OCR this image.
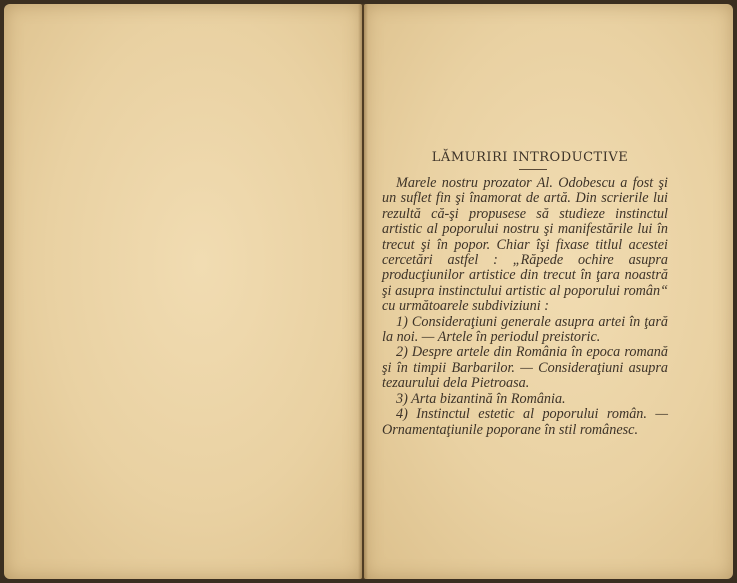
LĂMURIRI INTRODUCTIVE

Marele nostru prozator Al. Odobescu a fost şi un suflet fin şi înamorat de artă. Din scrierile lui rezultă că-şi propusese să studieze instinctul artistic al poporului nostru şi manifestările lui în trecut şi în popor. Chiar îşi fixase titlul acestei cercetări astfel : „Răpede ochire asupra producţiunilor artistice din trecut în ţara noastră şi asupra instinctului artistic al poporului român“ cu următoarele subdiviziuni :

1) Consideraţiuni generale asupra artei în ţară la noi. — Artele în periodul preistoric.

2) Despre artele din România în epoca romană şi în timpii Barbarilor. — Consideraţiuni asupra tezaurului dela Pietroasa.

3) Arta bizantină în România.

4) Instinctul estetic al poporului român. — Ornamentaţiunile poporane în stil românesc.
